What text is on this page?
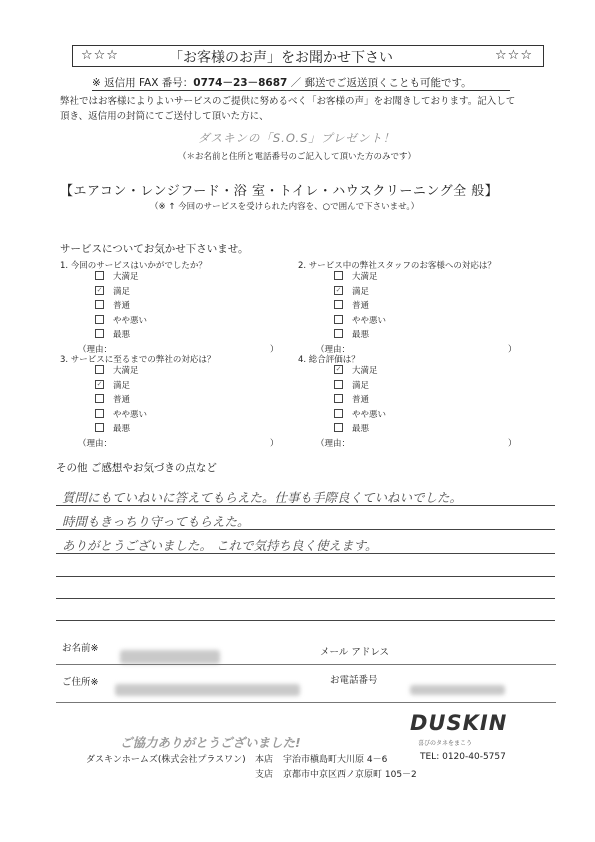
☆☆☆	「お客様のお声」をお聞かせ下さい	☆☆☆
※ 返信用 FAX 番号：0774－23－8687 ／ 郵送でご返送頂くことも可能です。
弊社ではお客様によりよいサービスのご提供に努めるべく「お客様の声」をお聞きしております。記入して
頂き、返信用の封筒にてご送付して頂いた方に、
ダスキンの「S.O.S」プレゼント！
（＊お名前と住所と電話番号のご記入して頂いた方のみです）
【エアコン・レンジフード・浴 室・トイレ・ハウスクリーニング全 般】
（※ ↑ 今回のサービスを受けられた内容を、○で囲んで下さいませ。）
サービスについてお気かせ下さいませ。
1. 今回のサービスはいかがでしたか？
大満足
✓ 満足
普通
やや悪い
最悪
（理由：	）
2. サービス中の弊社スタッフのお客様への対応は？
大満足
✓ 満足
普通
やや悪い
最悪
（理由：	）
3. サービスに至るまでの弊社の対応は？
大満足
✓ 満足
普通
やや悪い
最悪
（理由：	）
4. 総合評価は？
✓ 大満足
満足
普通
やや悪い
最悪
（理由：	）
その他 ご感想やお気づきの点など
質問にもていねいに答えてもらえた。仕事も手際良くていねいでした。
時間もきっちり守ってもらえた。
ありがとうございました。 これで気持ち良く使えます。
お名前※	メール アドレス
ご住所※	お電話番号
DUSKIN
喜びのタネをまこう
ご協力ありがとうございました!
ダスキンホームズ(株式会社プラスワン) 本店 宇治市槇島町大川原 4－6	TEL: 0120-40-5757
支店 京都市中京区西ノ京原町 105－2
